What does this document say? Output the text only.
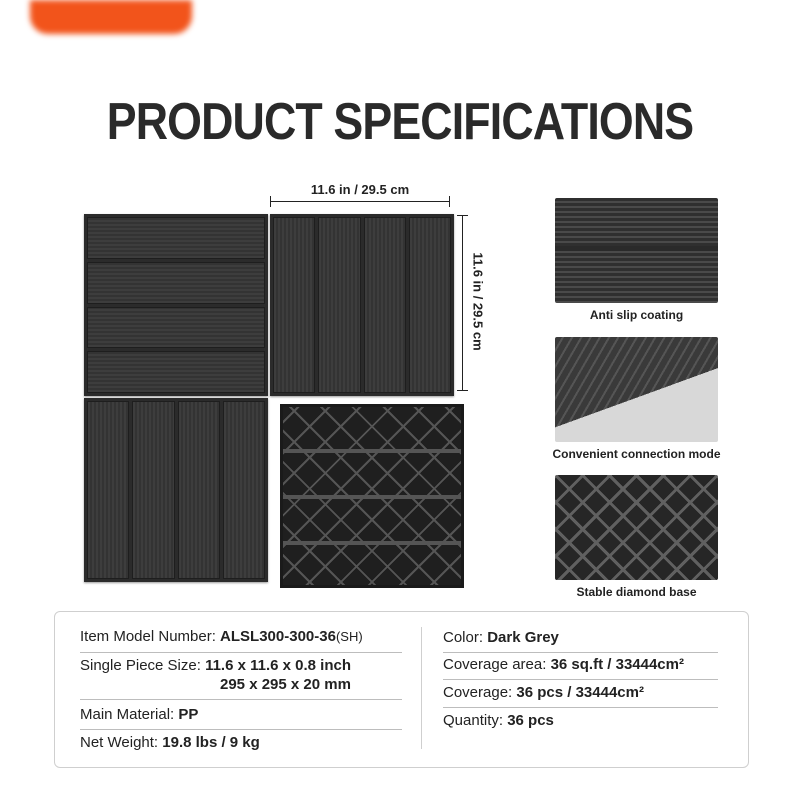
PRODUCT SPECIFICATIONS
11.6 in / 29.5 cm
11.6 in / 29.5 cm	Anti slip coating
Convenient connection mode
Stable diamond base
Item Model Number: ALSL300-300-36(SH)
Single Piece Size: 11.6 x 11.6 x 0.8 inch
295 x 295 x 20 mm
Main Material: PP
Net Weight: 19.8 lbs / 9 kg
Color: Dark Grey
Coverage area: 36 sq.ft / 33444cm²
Coverage: 36 pcs / 33444cm²
Quantity: 36 pcs
